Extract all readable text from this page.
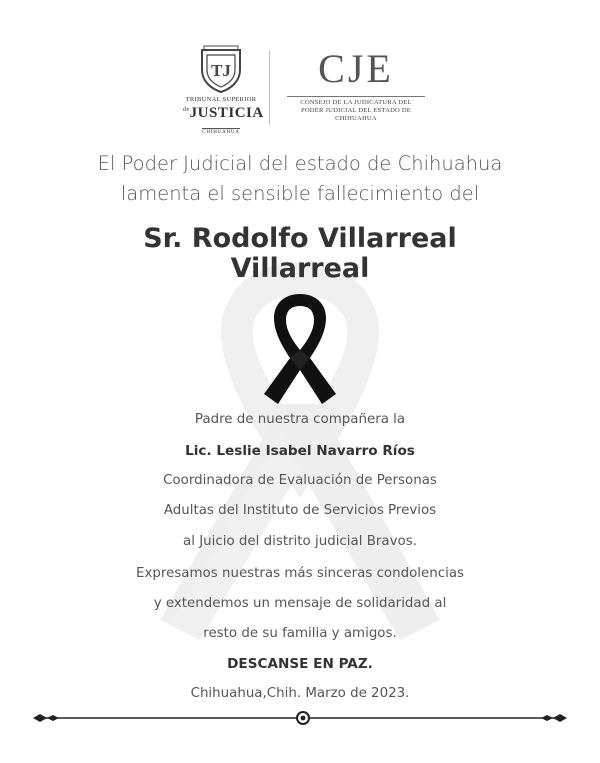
TJ
TRIBUNAL SUPERIOR
$^{de}$JUSTICIA
CHIHUAHUA
CJE
CONSEJO DE LA JUDICATURA DEL
PODER JUDICIAL DEL ESTADO DE CHIHUAHUA
El Poder Judicial del estado de Chihuahua
lamenta el sensible fallecimiento del
Sr. Rodolfo Villarreal
Villarreal
Padre de nuestra compañera la
Lic. Leslie Isabel Navarro Ríos
Coordinadora de Evaluación de Personas
Adultas del Instituto de Servicios Previos
al Juicio del distrito judicial Bravos.
Expresamos nuestras más sinceras condolencias
y extendemos un mensaje de solidaridad al
resto de su familia y amigos.
DESCANSE EN PAZ.
Chihuahua,Chih. Marzo de 2023.
